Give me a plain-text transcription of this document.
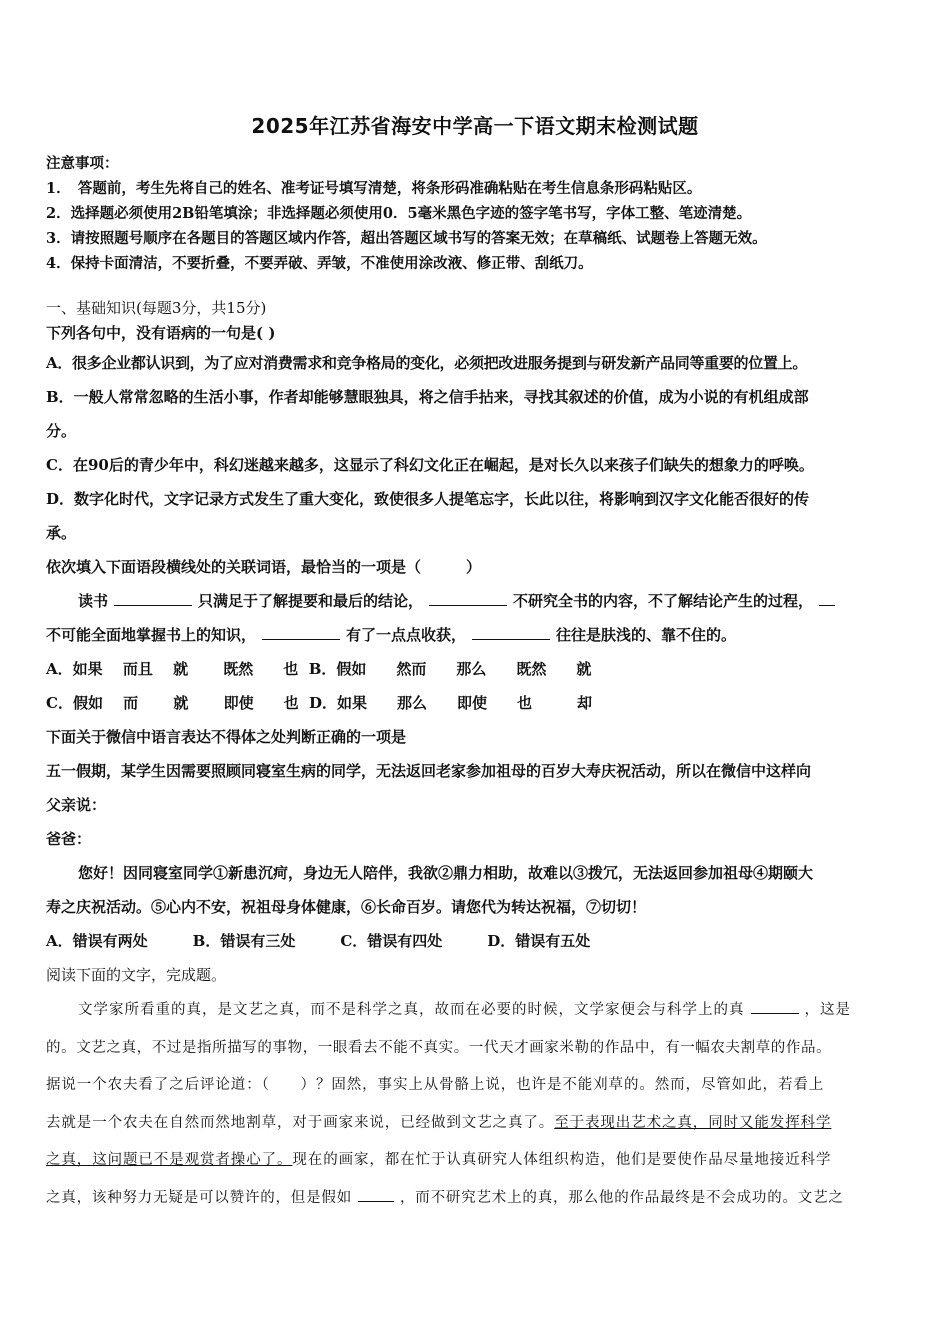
2025年江苏省海安中学高一下语文期末检测试题
注意事项：
1．　答题前，考生先将自己的姓名、准考证号填写清楚，将条形码准确粘贴在考生信息条形码粘贴区。
2．选择题必须使用2B铅笔填涂；非选择题必须使用0．5毫米黑色字迹的签字笔书写，字体工整、笔迹清楚。
3．请按照题号顺序在各题目的答题区域内作答，超出答题区域书写的答案无效；在草稿纸、试题卷上答题无效。
4．保持卡面清洁，不要折叠，不要弄破、弄皱，不准使用涂改液、修正带、刮纸刀。
一、基础知识(每题3分，共15分)
下列各句中，没有语病的一句是( )
A．很多企业都认识到，为了应对消费需求和竞争格局的变化，必须把改进服务提到与研发新产品同等重要的位置上。
B．一般人常常忽略的生活小事，作者却能够慧眼独具，将之信手拈来，寻找其叙述的价值，成为小说的有机组成部
分。
C．在90后的青少年中，科幻迷越来越多，这显示了科幻文化正在崛起，是对长久以来孩子们缺失的想象力的呼唤。
D．数字化时代，文字记录方式发生了重大变化，致使很多人提笔忘字，长此以往，将影响到汉字文化能否很好的传
承。
依次填入下面语段横线处的关联词语，最恰当的一项是（　　　）
读书	只满足于了解提要和最后的结论，	不研究全书的内容，不了解结论产生的过程，
不可能全面地掌握书上的知识，	有了一点点收获，	往往是肤浅的、靠不住的。
A．如果　 而且　 就　　 既然　　也  B．假如　　然而　　那么　　既然　　就
C．假如　 而　　 就　　 即使　　也  D．如果　　那么　　即使　　也　　　却
下面关于微信中语言表达不得体之处判断正确的一项是
五一假期，某学生因需要照顾同寝室生病的同学，无法返回老家参加祖母的百岁大寿庆祝活动，所以在微信中这样向
父亲说：
爸爸：
您好！因同寝室同学①新患沉疴，身边无人陪伴，我欲②鼎力相助，故难以③拨冗，无法返回参加祖母④期颐大
寿之庆祝活动。⑤心内不安，祝祖母身体健康，⑥长命百岁。请您代为转达祝福，⑦切切！
A．错误有两处　　　B．错误有三处　　　C．错误有四处　　　D．错误有五处
阅读下面的文字，完成题。
文学家所看重的真，是文艺之真，而不是科学之真，故而在必要的时候，文学家便会与科学上的真	，这是
的。文艺之真，不过是指所描写的事物，一眼看去不能不真实。一代天才画家米勒的作品中，有一幅农夫割草的作品。
据说一个农夫看了之后评论道：（　　）？固然，事实上从骨骼上说，也许是不能刈草的。然而，尽管如此，若看上
去就是一个农夫在自然而然地割草，对于画家来说，已经做到文艺之真了。至于表现出艺术之真，同时又能发挥科学
之真，这问题已不是观赏者操心了。现在的画家，都在忙于认真研究人体组织构造，他们是要使作品尽量地接近科学
之真，该种努力无疑是可以赞许的，但是假如	，而不研究艺术上的真，那么他的作品最终是不会成功的。文艺之
